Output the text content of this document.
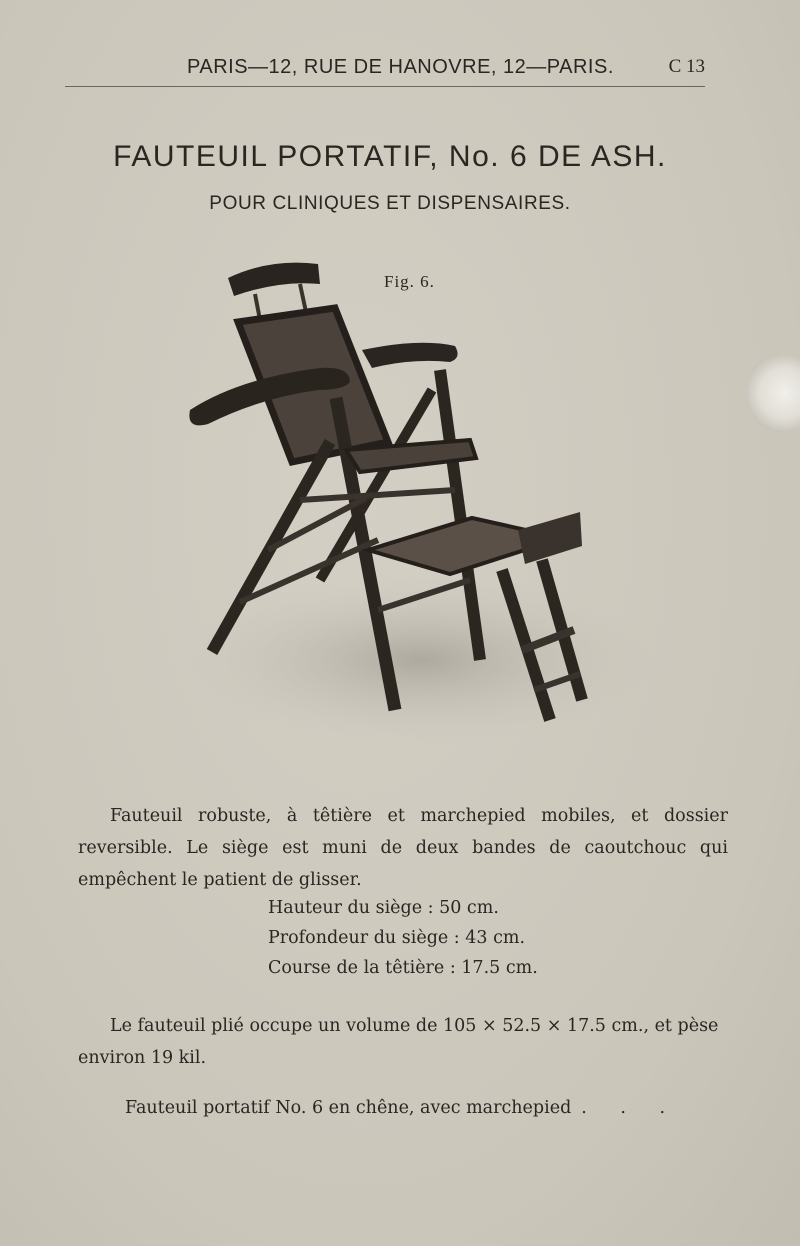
PARIS—12, RUE DE HANOVRE, 12—PARIS.	C 13
FAUTEUIL PORTATIF, No. 6 DE ASH.
POUR CLINIQUES ET DISPENSAIRES.
Fig. 6.
Fauteuil robuste, à têtière et marchepied mobiles, et dossier reversible. Le siège est muni de deux bandes de caoutchouc qui empêchent le patient de glisser.
Hauteur du siège : 50 cm.
Profondeur du siège : 43 cm.
Course de la têtière : 17.5 cm.
Le fauteuil plié occupe un volume de 105 × 52.5 × 17.5 cm., et pèse environ 19 kil.
Fauteuil portatif No. 6 en chêne, avec marchepied . . .
